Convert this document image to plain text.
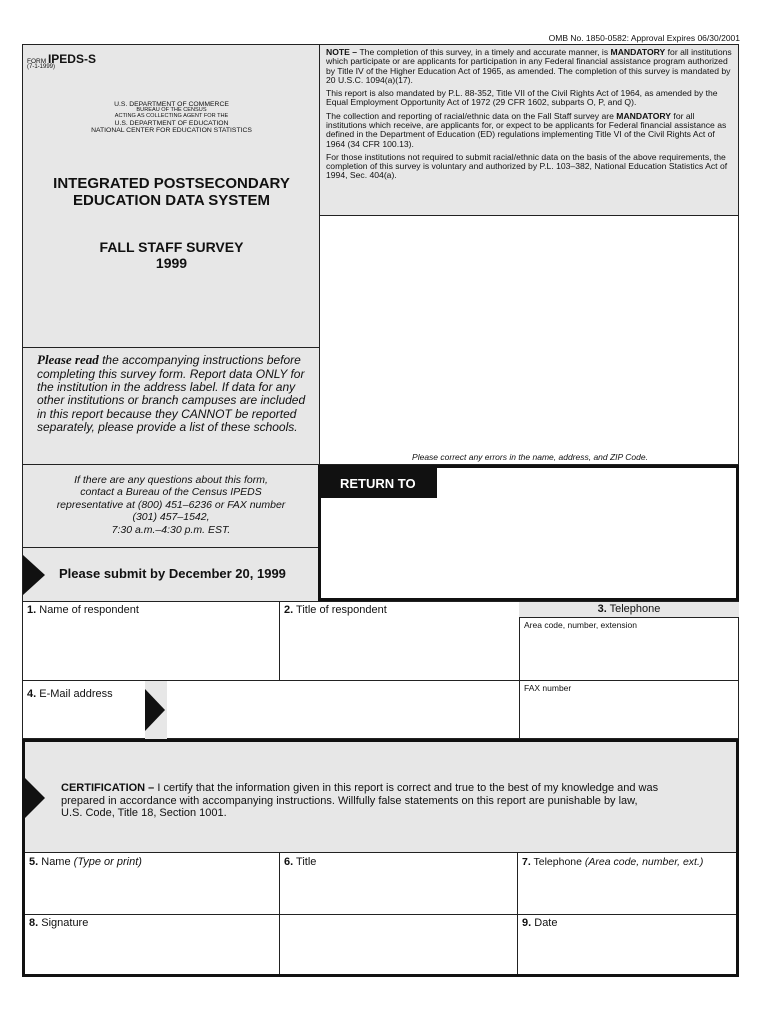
OMB No. 1850-0582: Approval Expires 06/30/2001
FORM IPEDS-S
(7-1-1999)
U.S. DEPARTMENT OF COMMERCE
BUREAU OF THE CENSUS
ACTING AS COLLECTING AGENT FOR THE
U.S. DEPARTMENT OF EDUCATION
NATIONAL CENTER FOR EDUCATION STATISTICS
INTEGRATED POSTSECONDARY
EDUCATION DATA SYSTEM
FALL STAFF SURVEY
1999
Please read the accompanying instructions before completing this survey form. Report data ONLY for the institution in the address label. If data for any other institutions or branch campuses are included in this report because they CANNOT be reported separately, please provide a list of these schools.

NOTE – The completion of this survey, in a timely and accurate manner, is MANDATORY for all institutions which participate or are applicants for participation in any Federal financial assistance program authorized by Title IV of the Higher Education Act of 1965, as amended. The completion of this survey is mandated by 20 U.S.C. 1094(a)(17).

This report is also mandated by P.L. 88-352, Title VII of the Civil Rights Act of 1964, as amended by the Equal Employment Opportunity Act of 1972 (29 CFR 1602, subparts O, P, and Q).

The collection and reporting of racial/ethnic data on the Fall Staff survey are MANDATORY for all institutions which receive, are applicants for, or expect to be applicants for Federal financial assistance as defined in the Department of Education (ED) regulations implementing Title VI of the Civil Rights Act of 1964 (34 CFR 100.13).

For those institutions not required to submit racial/ethnic data on the basis of the above requirements, the completion of this survey is voluntary and authorized by P.L. 103–382, National Education Statistics Act of 1994, Sec. 404(a).

Please correct any errors in the name, address, and ZIP Code.
If there are any questions about this form,
contact a Bureau of the Census IPEDS
representative at (800) 451–6236 or FAX number
(301) 457–1542,
7:30 a.m.–4:30 p.m. EST.
Please submit by December 20, 1999
RETURN TO
1. Name of respondent	2. Title of respondent	3. Telephone
Area code, number, extension
4. E-Mail address	FAX number
CERTIFICATION – I certify that the information given in this report is correct and true to the best of my knowledge and was prepared in accordance with accompanying instructions. Willfully false statements on this report are punishable by law, U.S. Code, Title 18, Section 1001.
5. Name (Type or print)	6. Title	7. Telephone (Area code, number, ext.)
8. Signature	9. Date
